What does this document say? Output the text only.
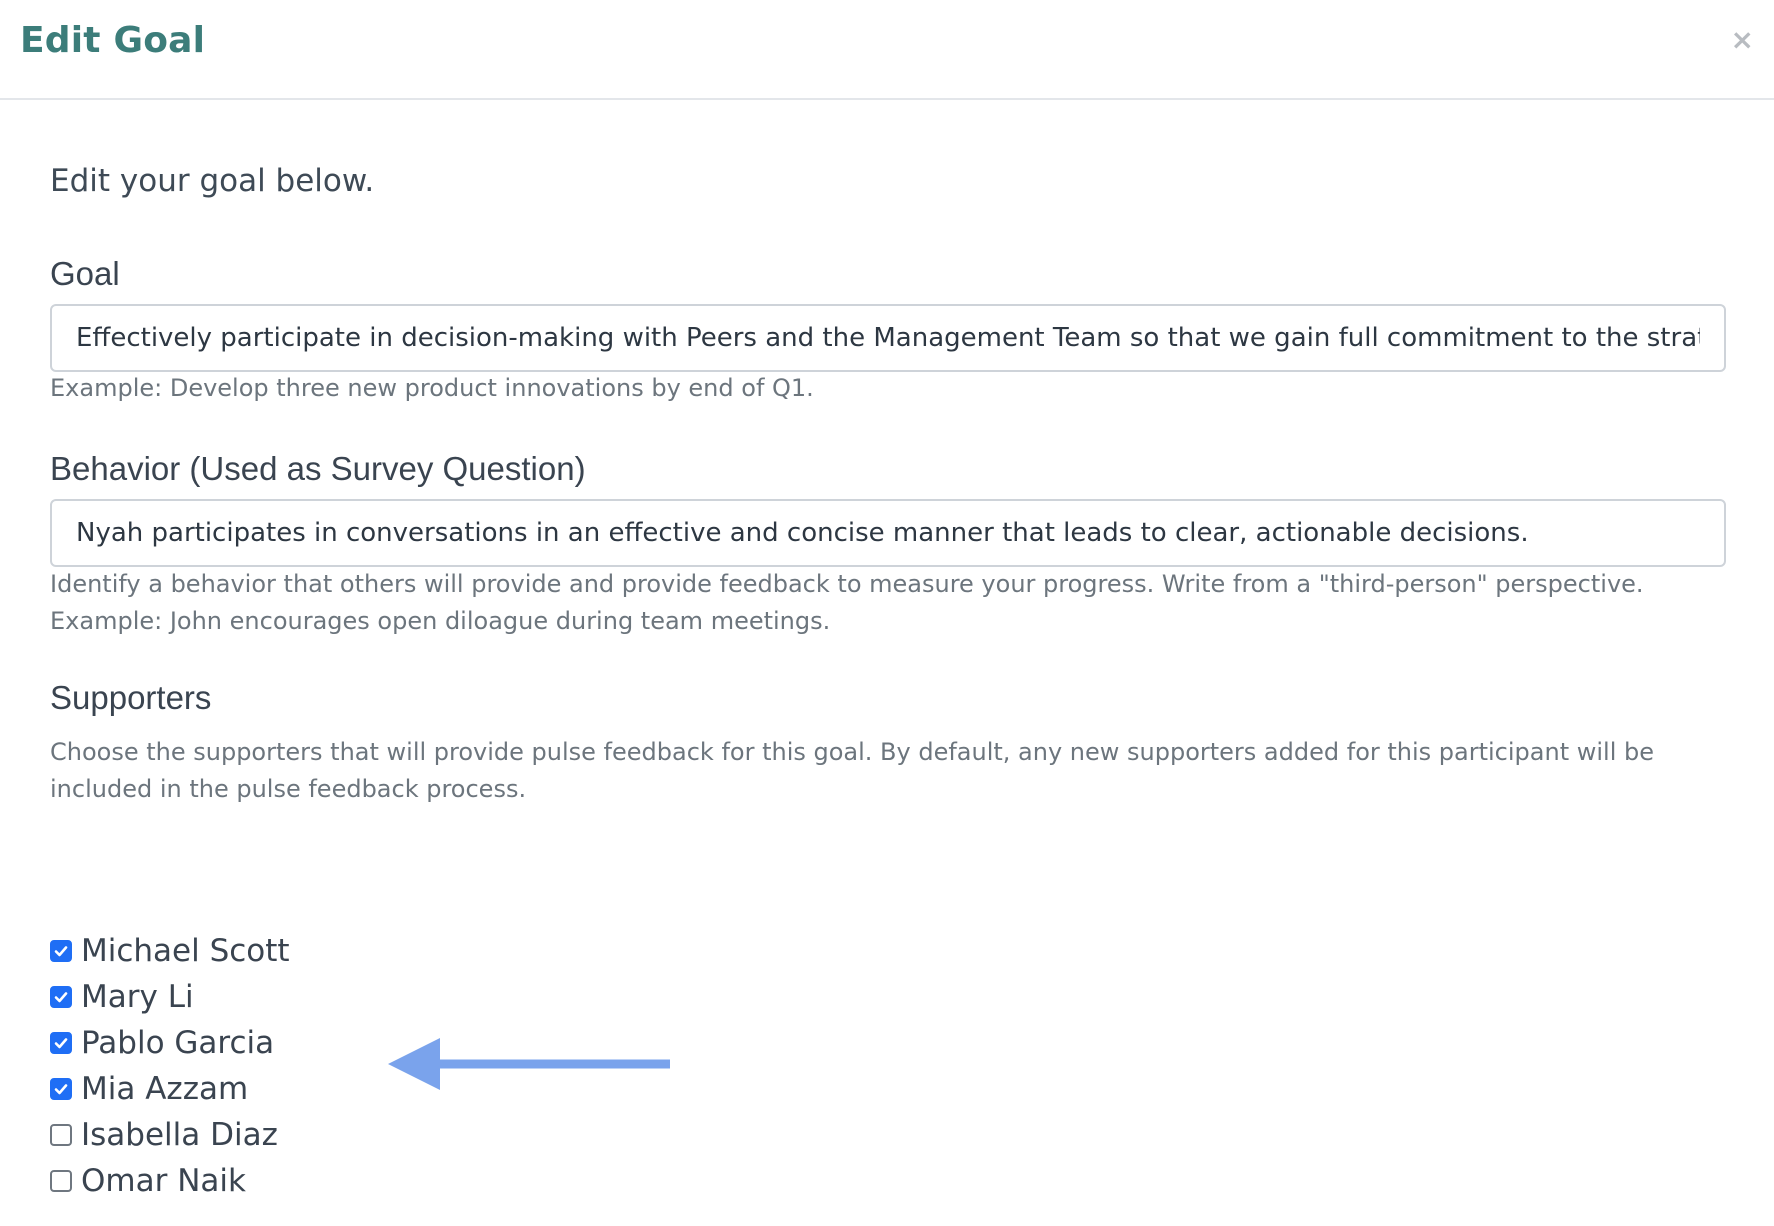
Edit Goal	×

Edit your goal below.

Goal
Effectively participate in decision-making with Peers and the Management Team so that we gain full commitment to the strategi

Example: Develop three new product innovations by end of Q1.

Behavior (Used as Survey Question)
Nyah participates in conversations in an effective and concise manner that leads to clear, actionable decisions.

Identify a behavior that others will provide and provide feedback to measure your progress. Write from a "third-person" perspective. Example: John encourages open diloague during team meetings.

Supporters

Choose the supporters that will provide pulse feedback for this goal. By default, any new supporters added for this participant will be included in the pulse feedback process.

Michael Scott
Mary Li
Pablo Garcia
Mia Azzam
Isabella Diaz
Omar Naik
